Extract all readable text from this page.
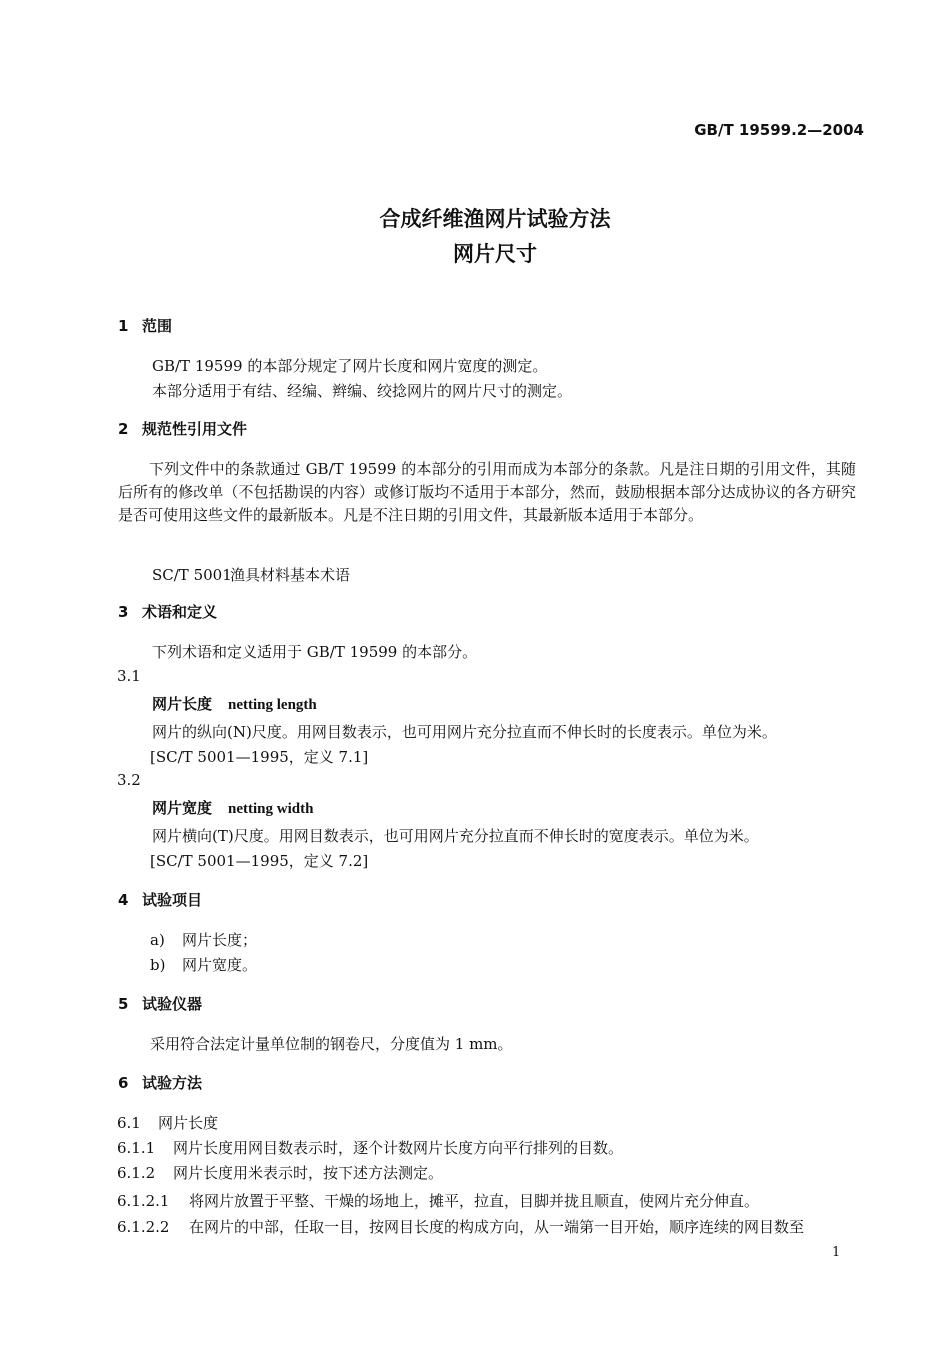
GB/T 19599.2—2004
合成纤维渔网片试验方法
网片尺寸
1 范围
GB/T 19599 的本部分规定了网片长度和网片宽度的测定。
本部分适用于有结、经编、辫编、绞捻网片的网片尺寸的测定。
2 规范性引用文件
下列文件中的条款通过 GB/T 19599 的本部分的引用而成为本部分的条款。凡是注日期的引用文件，其随后所有的修改单（不包括勘误的内容）或修订版均不适用于本部分，然而，鼓励根据本部分达成协议的各方研究是否可使用这些文件的最新版本。凡是不注日期的引用文件，其最新版本适用于本部分。
SC/T 5001渔具材料基本术语
3 术语和定义
下列术语和定义适用于 GB/T 19599 的本部分。
3.1
网片长度 netting length
网片的纵向(N)尺度。用网目数表示，也可用网片充分拉直而不伸长时的长度表示。单位为米。
[SC/T 5001—1995，定义 7.1]
3.2
网片宽度 netting width
网片横向(T)尺度。用网目数表示，也可用网片充分拉直而不伸长时的宽度表示。单位为米。
[SC/T 5001—1995，定义 7.2]
4 试验项目
a) 网片长度；
b) 网片宽度。
5 试验仪器
采用符合法定计量单位制的钢卷尺，分度值为 1 mm。
6 试验方法
6.1 网片长度
6.1.1 网片长度用网目数表示时，逐个计数网片长度方向平行排列的目数。
6.1.2 网片长度用米表示时，按下述方法测定。
6.1.2.1 将网片放置于平整、干燥的场地上，摊平，拉直，目脚并拢且顺直，使网片充分伸直。
6.1.2.2 在网片的中部，任取一目，按网目长度的构成方向，从一端第一目开始，顺序连续的网目数至
1
